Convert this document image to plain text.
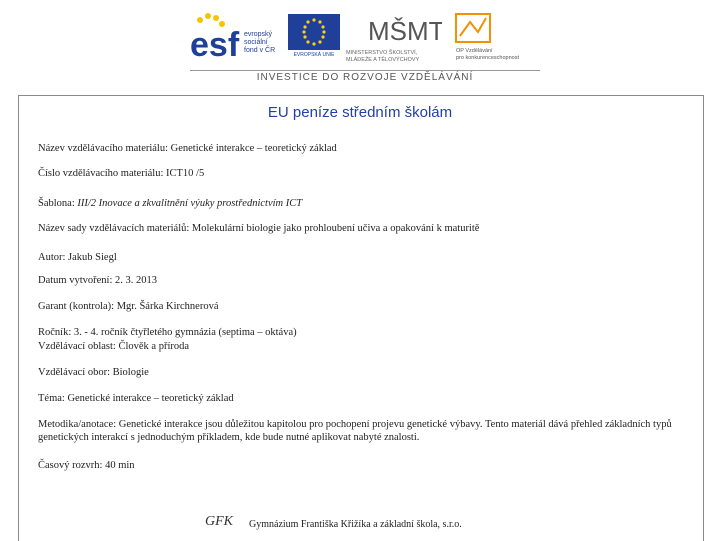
esf evropský sociální fond v ČR
EVROPSKÁ UNIE
MŠMT
MINISTERSTVO ŠKOLSTVÍ, MLÁDEŽE A TĚLOVÝCHOVY
OP Vzdělávání pro konkurenceschopnost
INVESTICE DO ROZVOJE VZDĚLÁVÁNÍ
EU peníze středním školám
Název vzdělávacího materiálu: Genetické interakce – teoretický základ
Číslo vzdělávacího materiálu: ICT10 /5
Šablona: III/2 Inovace a zkvalitnění výuky prostřednictvím ICT
Název sady vzdělávacích materiálů: Molekulární biologie jako prohloubení učiva a opakování k maturitě
Autor: Jakub Siegl
Datum vytvoření: 2. 3. 2013
Garant (kontrola): Mgr. Šárka Kirchnerová
Ročník: 3. - 4. ročník čtyřletého gymnázia (septima – oktáva)
Vzdělávací oblast: Člověk a příroda
Vzdělávací obor: Biologie
Téma: Genetické interakce – teoretický základ
Metodika/anotace: Genetické interakce jsou důležitou kapitolou pro pochopení projevu genetické výbavy. Tento materiál dává přehled základních typů genetických interakcí s jednoduchým příkladem, kde bude nutné aplikovat nabyté znalosti.
Časový rozvrh: 40 min
GFK Gymnázium Františka Křižíka a základní škola, s.r.o.
